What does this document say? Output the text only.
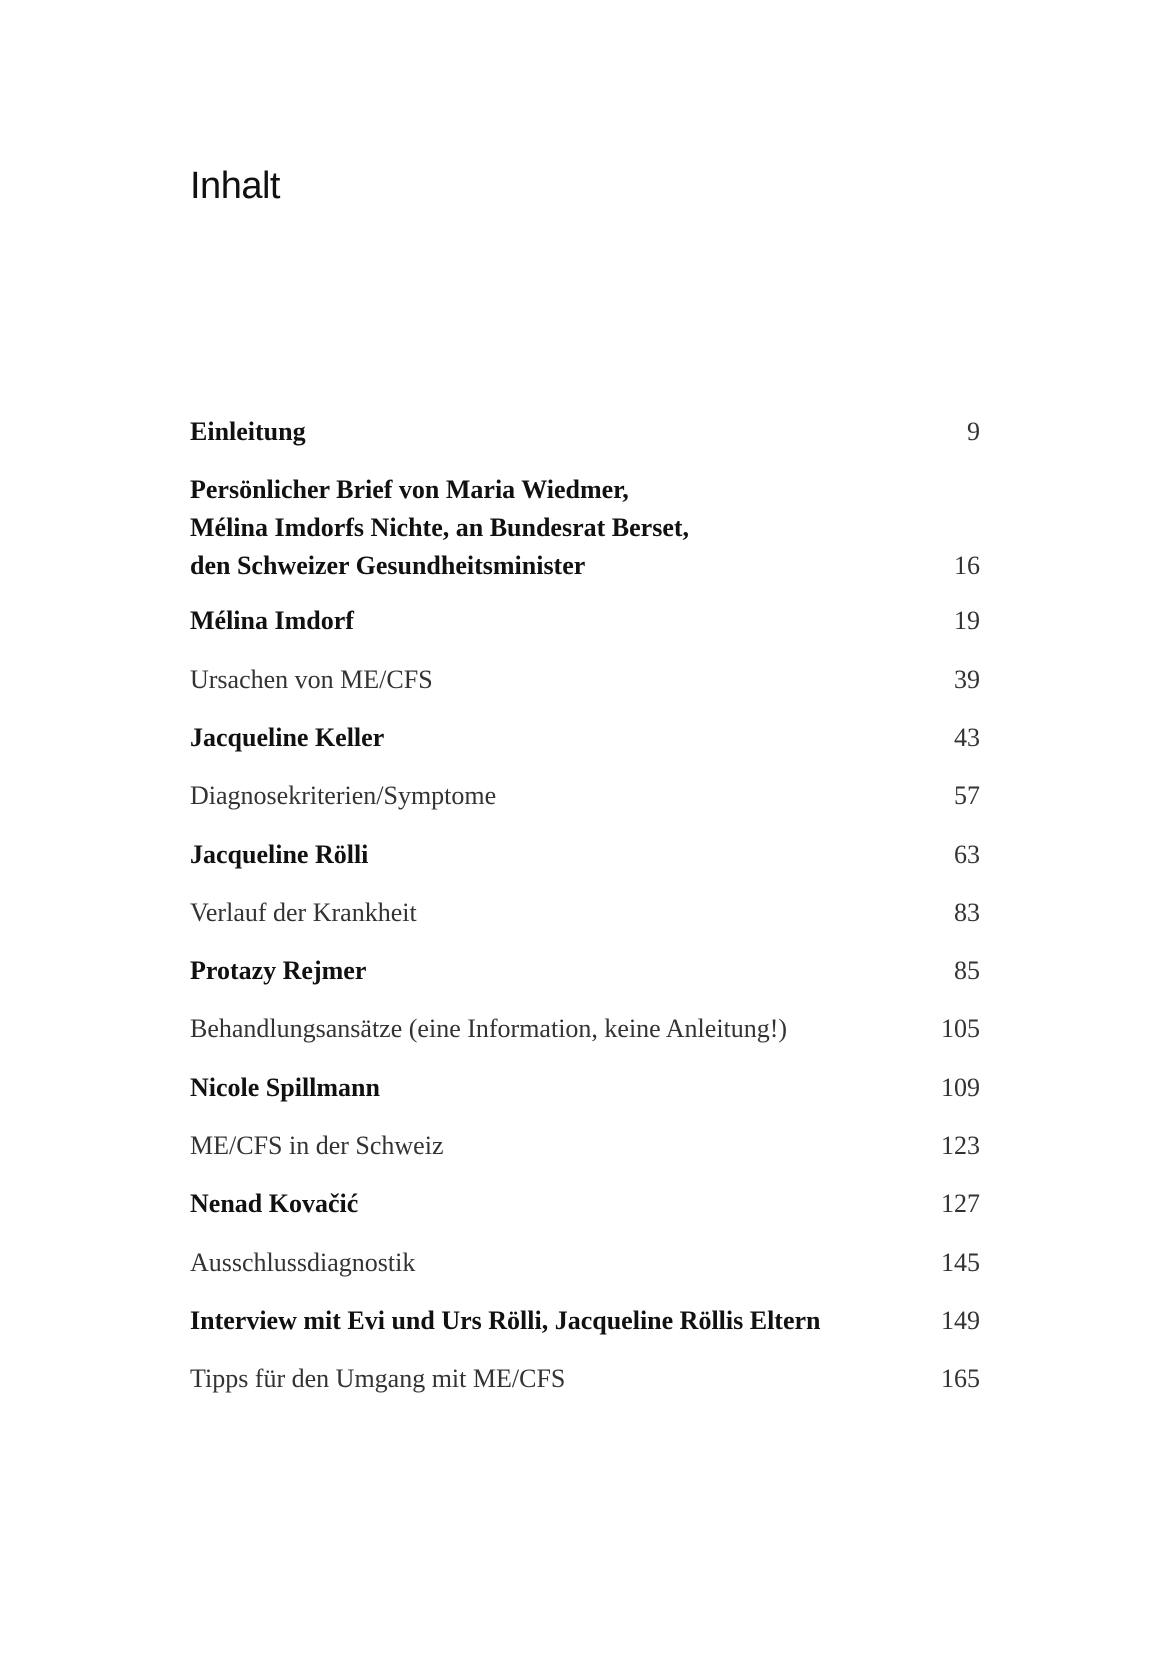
Inhalt
Einleitung	9
Persönlicher Brief von Maria Wiedmer,
Mélina Imdorfs Nichte, an Bundesrat Berset,
den Schweizer Gesundheitsminister	16
Mélina Imdorf	19
Ursachen von ME/CFS	39
Jacqueline Keller	43
Diagnosekriterien/Symptome	57
Jacqueline Rölli	63
Verlauf der Krankheit	83
Protazy Rejmer	85
Behandlungsansätze (eine Information, keine Anleitung!)	105
Nicole Spillmann	109
ME/CFS in der Schweiz	123
Nenad Kovačić	127
Ausschlussdiagnostik	145
Interview mit Evi und Urs Rölli, Jacqueline Röllis Eltern	149
Tipps für den Umgang mit ME/CFS	165
